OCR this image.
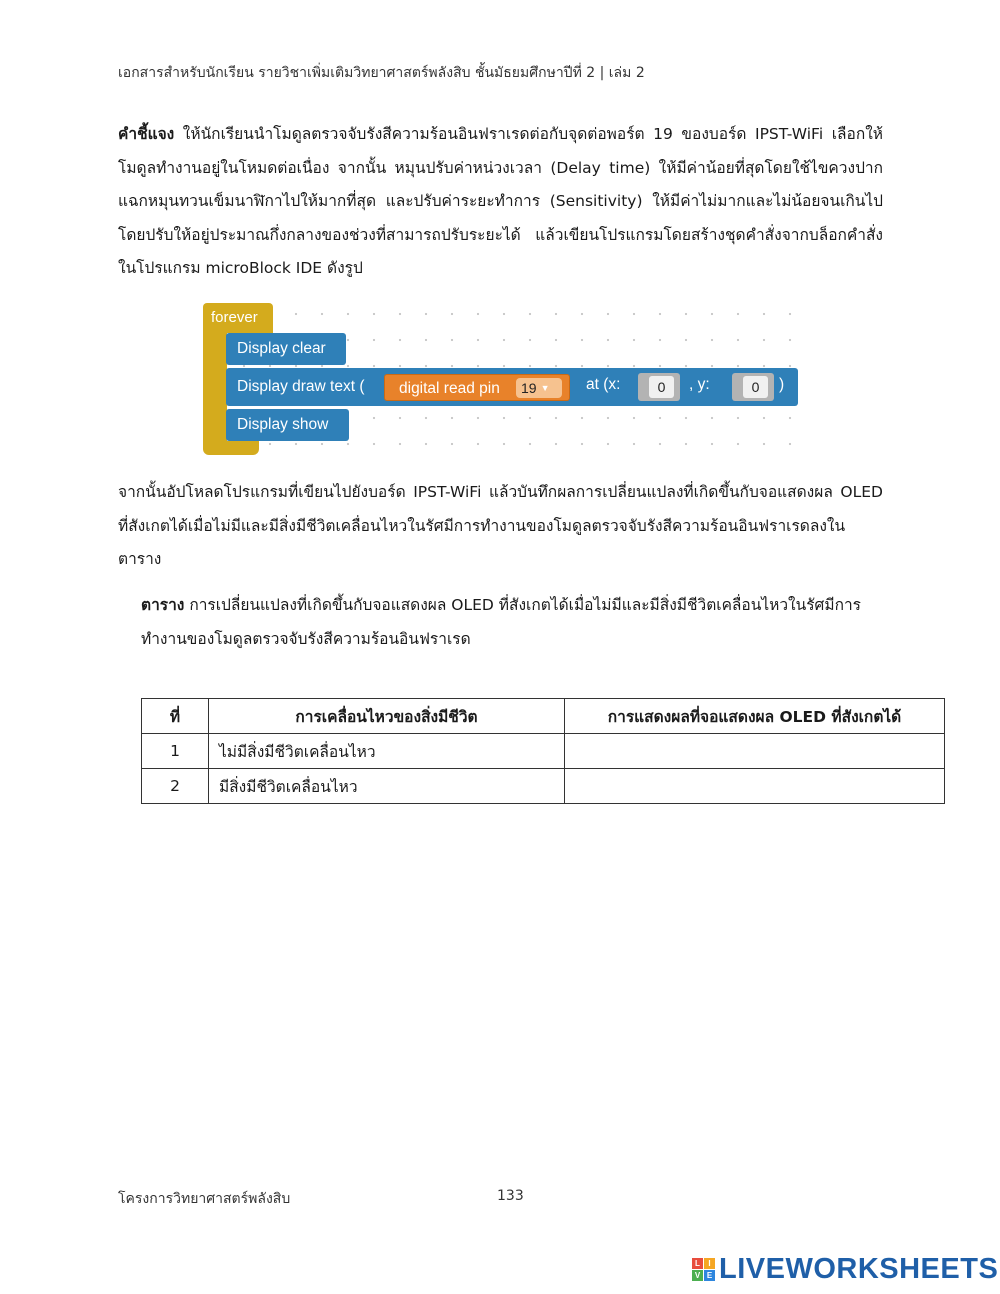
เอกสารสำหรับนักเรียน รายวิชาเพิ่มเติมวิทยาศาสตร์พลังสิบ ชั้นมัธยมศึกษาปีที่ 2 | เล่ม 2
คำชี้แจง ให้นักเรียนนำโมดูลตรวจจับรังสีความร้อนอินฟราเรดต่อกับจุดต่อพอร์ต 19 ของบอร์ด IPST-WiFi เลือกให้โมดูลทำงานอยู่ในโหมดต่อเนื่อง จากนั้น หมุนปรับค่าหน่วงเวลา (Delay time) ให้มีค่าน้อยที่สุดโดยใช้ไขควงปากแฉกหมุนทวนเข็มนาฬิกาไปให้มากที่สุด และปรับค่าระยะทำการ (Sensitivity) ให้มีค่าไม่มากและไม่น้อยจนเกินไปโดยปรับให้อยู่ประมาณกึ่งกลางของช่วงที่สามารถปรับระยะได้ แล้วเขียนโปรแกรมโดยสร้างชุดคำสั่งจากบล็อกคำสั่งในโปรแกรม microBlock IDE ดังรูป
forever
Display clear
Display draw text (	digital read pin	19 ▼	at (x:	0	, y:	0	)
Display show
จากนั้นอัปโหลดโปรแกรมที่เขียนไปยังบอร์ด IPST-WiFi แล้วบันทึกผลการเปลี่ยนแปลงที่เกิดขึ้นกับจอแสดงผล OLED ที่สังเกตได้เมื่อไม่มีและมีสิ่งมีชีวิตเคลื่อนไหวในรัศมีการทำงานของโมดูลตรวจจับรังสีความร้อนอินฟราเรดลงในตาราง
ตาราง การเปลี่ยนแปลงที่เกิดขึ้นกับจอแสดงผล OLED ที่สังเกตได้เมื่อไม่มีและมีสิ่งมีชีวิตเคลื่อนไหวในรัศมีการทำงานของโมดูลตรวจจับรังสีความร้อนอินฟราเรด
ที่	การเคลื่อนไหวของสิ่งมีชีวิต	การแสดงผลที่จอแสดงผล OLED ที่สังเกตได้
1	ไม่มีสิ่งมีชีวิตเคลื่อนไหว	
2	มีสิ่งมีชีวิตเคลื่อนไหว	
โครงการวิทยาศาสตร์พลังสิบ	133
L	I
V E LIVEWORKSHEETS
